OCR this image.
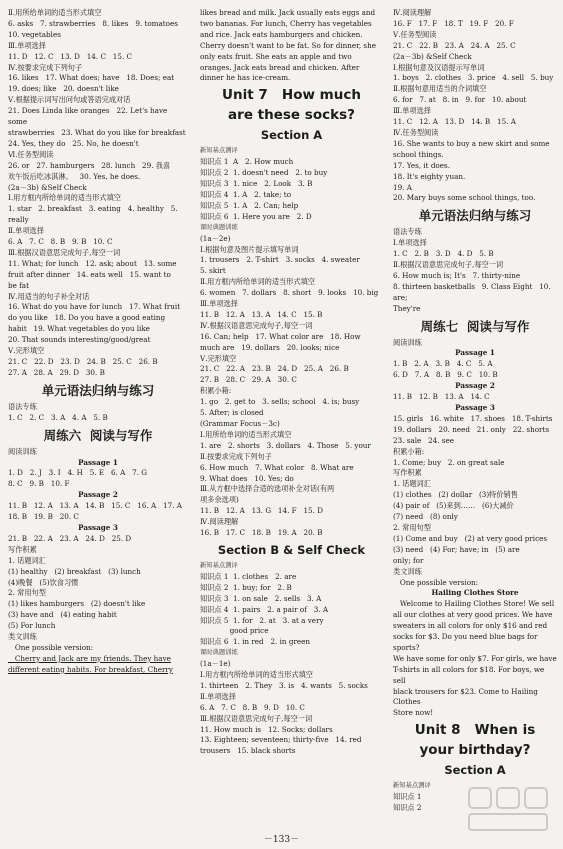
Ⅱ.用所给单词的适当形式填空
6. asks   7. strawberries   8. likes   9. tomatoes
10. vegetables
Ⅲ.单项选择
11. D   12. C   13. D   14. C   15. C
Ⅳ.按要求完成下列句子
16. likes   17. What does; have   18. Does; eat
19. does; like   20. doesn't like
Ⅴ.根据提示词写出问句或答语完成对话
21. Does Linda like oranges   22. Let's have some
strawberries   23. What do you like for breakfast
24. Yes, they do   25. No, he doesn't
Ⅵ.任务型阅读
26. or   27. hamburgers   28. lunch   29. 我喜
欢午饭后吃冰淇淋。   30. Yes, he does.
(2a－3b) &Self Check
Ⅰ.用方框内所给单词的适当形式填空
1. star   2. breakfast   3. eating   4. healthy   5. really
Ⅱ.单项选择
6. A   7. C   8. B   9. B   10. C
Ⅲ.根据汉语意思完成句子,每空一词
11. What; for lunch   12. ask; about   13. some
fruit after dinner   14. eats well   15. want to
be fat
Ⅳ.用适当的句子补全对话
16. What do you have for lunch   17. What fruit
do you like   18. Do you have a good eating
habit   19. What vegetables do you like
20. That sounds interesting/good/great
Ⅴ.完形填空
21. C   22. D   23. D   24. B   25. C   26. B
27. A   28. A   29. D   30. B
单元语法归纳与练习
语法专练
1. C   2. C   3. A   4. A   5. B
周练六  阅读与写作
阅读训练
Passage 1
1. D   2. J   3. I   4. H   5. E   6. A   7. G
8. C   9. B   10. F
Passage 2
11. B   12. A   13. A   14. B   15. C   16. A   17. A
18. B   19. B   20. C
Passage 3
21. B   22. A   23. A   24. D   25. D
写作积累
1. 话题词汇
(1) healthy   (2) breakfast   (3) lunch
(4)晚餐   (5)饮食习惯
2. 常用句型
(1) likes hamburgers   (2) doesn't like
(3) have and   (4) eating habit
(5) For lunch
类文训练
One possible version:
Cherry and Jack are my friends. They have
different eating habits. For breakfast, Cherry
likes bread and milk. Jack usually eats eggs and
two bananas. For lunch, Cherry has vegetables
and rice. Jack eats hamburgers and chicken.
Cherry doesn't want to be fat. So for dinner, she
only eats fruit. She eats an apple and two
oranges. Jack eats bread and chicken. After
dinner he has ice-cream.
Unit 7   How much
are these socks?
Section A
新知基点测评
知识点 1  A   2. How much
知识点 2  1. doesn't need   2. to buy
知识点 3  1. nice   2. Look   3. B
知识点 4  1. A   2. take; to
知识点 5  1. A   2. Can; help
知识点 6  1. Here you are   2. D
课时典题训练
(1a－2e)
Ⅰ.根据句意及图片提示填写单词
1. trousers   2. T-shirt   3. socks   4. sweater
5. skirt
Ⅱ.用方框内所给单词的适当形式填空
6. women   7. dollars   8. short   9. looks   10. big
Ⅲ.单项选择
11. B   12. A   13. A   14. C   15. B
Ⅳ.根据汉语意思完成句子,每空一词
16. Can; help   17. What color are   18. How
much are   19. dollars   20. looks; nice
Ⅴ.完形填空
21. C   22. A   23. B   24. D   25. A   26. B
27. B   28. C   29. A   30. C
积累小箱:
1. go   2. get to   3. sells; school   4. is; busy
5. After; is closed
(Grammar Focus－3c)
Ⅰ.用所给单词的适当形式填空
1. are   2. shorts   3. dollars   4. Those   5. your
Ⅱ.按要求完成下列句子
6. How much   7. What color   8. What are
9. What does   10. Yes; do
Ⅲ.从方框中选择合适的选项补全对话(有两
项多余选项)
11. B   12. A   13. G   14. F   15. D
Ⅳ.阅读理解
16. B   17. C   18. B   19. A   20. B
Section B & Self Check
新知基点测评
知识点 1  1. clothes   2. are
知识点 2  1. buy; for   2. B
知识点 3  1. on sale   2. sells   3. A
知识点 4  1. pairs   2. a pair of   3. A
知识点 5  1. for   2. at   3. at a very
good price
知识点 6  1. in red   2. in green
课时典题训练
(1a－1e)
Ⅰ.用方框内所给单词的适当形式填空
1. thirteen   2. They   3. is   4. wants   5. socks
Ⅱ.单项选择
6. A   7. C   8. B   9. D   10. C
Ⅲ.根据汉语意思完成句子,每空一词
11. How much is   12. Socks; dollars
13. Eighteen; seventeen; thirty-five   14. red
trousers   15. black shorts
Ⅳ.阅读理解
16. F   17. F   18. T   19. F   20. F
Ⅴ.任务型阅读
21. C   22. B   23. A   24. A   25. C
(2a－3b) &Self Check
Ⅰ.根据句意及汉语提示写单词
1. boys   2. clothes   3. price   4. sell   5. buy
Ⅱ.根据句意用适当的介词填空
6. for   7. at   8. in   9. for   10. about
Ⅲ.单项选择
11. C   12. A   13. D   14. B   15. A
Ⅳ.任务型阅读
16. She wants to buy a new skirt and some
school things.
17. Yes, it does.
18. It's eighty yuan.
19. A
20. Mary buys some school things, too.
单元语法归纳与练习
语法专练
Ⅰ.单项选择
1. C   2. B   3. D   4. D   5. B
Ⅱ.根据汉语意思完成句子,每空一词
6. How much is; It's   7. thirty-nine
8. thirteen basketballs   9. Class Eight   10. are;
They're
周练七  阅读与写作
阅读训练
Passage 1
1. B   2. A   3. B   4. C   5. A
6. D   7. A   8. B   9. C   10. B
Passage 2
11. B   12. B   13. A   14. C
Passage 3
15. girls   16. white   17. shoes   18. T-shirts
19. dollars   20. need   21. only   22. shorts
23. sale   24. see
积累小箱:
1. Come; buy   2. on great sale
写作积累
1. 话题词汇
(1) clothes   (2) dollar   (3)特价销售
(4) pair of   (5)来到……   (6)大减价
(7) need   (8) only
2. 常用句型
(1) Come and buy   (2) at very good prices
(3) need   (4) For; have; in   (5) are
only; for
类文训练
One possible version:
Hailing Clothes Store
Welcome to Hailing Clothes Store! We sell
all our clothes at very good prices. We have
sweaters in all colors for only $16 and red
socks for $3. Do you need blue bags for sports?
We have some for only $7. For girls, we have
T-shirts in all colors for $18. For boys, we sell
black trousers for $23. Come to Hailing Clothes
Store now!
Unit 8   When is
your birthday?
Section A
新知基点测评
知识点 1
知识点 2
－133－
